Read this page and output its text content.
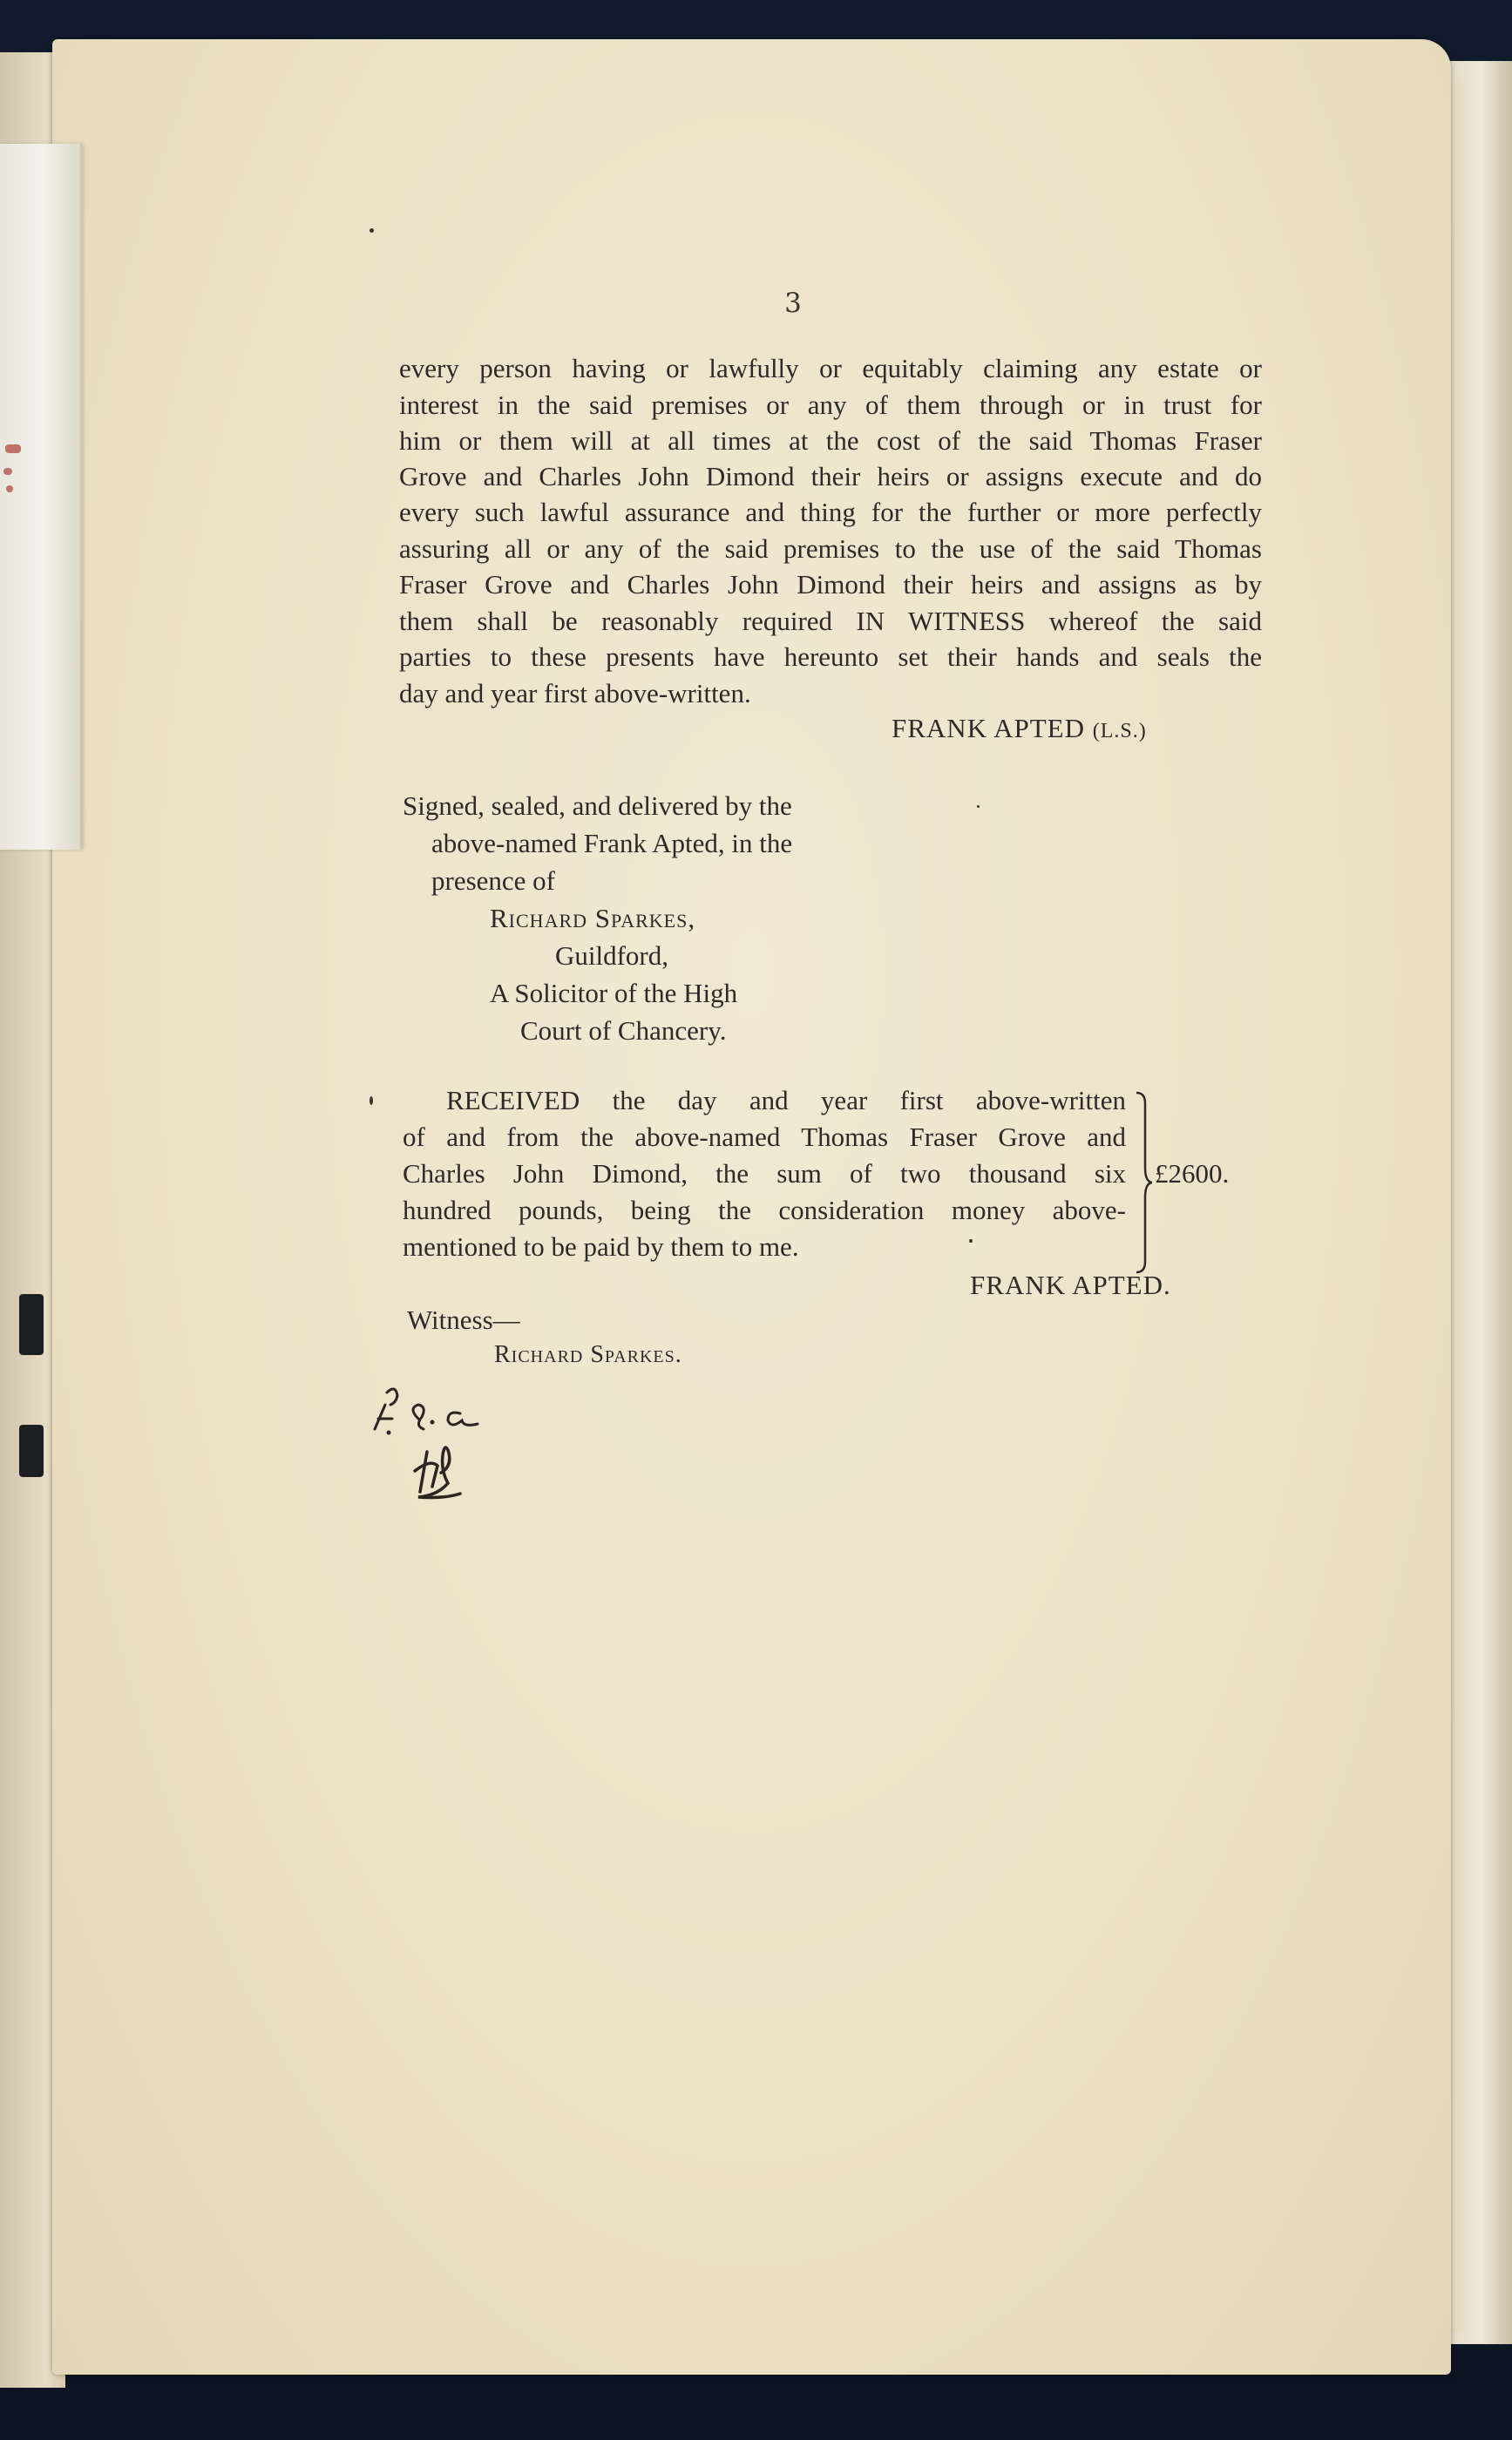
3
every person having or lawfully or equitably claiming any estate or
interest in the said premises or any of them through or in trust for
him or them will at all times at the cost of the said Thomas Fraser
Grove and Charles John Dimond their heirs or assigns execute and do
every such lawful assurance and thing for the further or more perfectly
assuring all or any of the said premises to the use of the said Thomas
Fraser Grove and Charles John Dimond their heirs and assigns as by
them shall be reasonably required IN WITNESS whereof the said
parties to these presents have hereunto set their hands and seals the
day and year first above-written.
FRANK APTED (L.S.)
Signed, sealed, and delivered by the
above-named Frank Apted, in the
presence of
Richard Sparkes,
Guildford,
A Solicitor of the High
Court of Chancery.
RECEIVED the day and year first above-written
of and from the above-named Thomas Fraser Grove and
Charles John Dimond, the sum of two thousand six
hundred pounds, being the consideration money above-
mentioned to be paid by them to me.
£2600.
FRANK APTED.
Witness—
Richard Sparkes.
